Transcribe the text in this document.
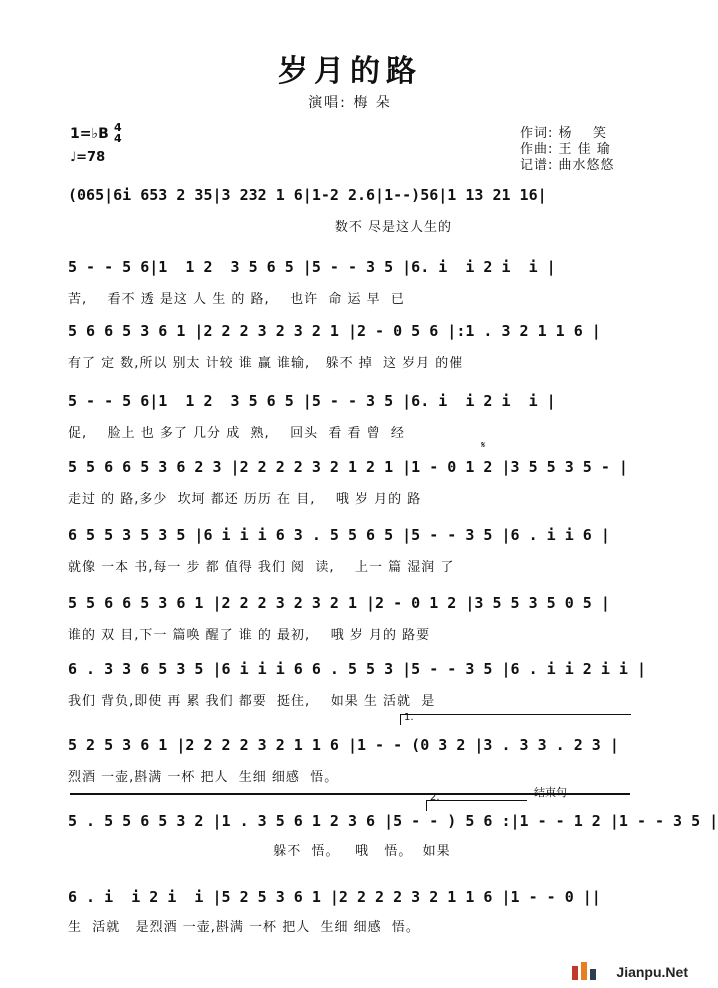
岁月的路
演唱: 梅 朵
1=♭B 4
4
♩=78
作词: 杨    笑
作曲: 王 佳 瑜
记谱: 曲水悠悠
(065|6i 653 2 35|3 232 1 6|1-2 2.6|1--)56|1 13 21 16|
数不 尽是这人生的
5 - - 5 6|1  1 2  3 5 6 5 |5 - - 3 5 |6. i  i 2 i  i |
苦,    看不 透 是这 人 生 的 路,    也许  命 运 早  已
5 6 6 5 3 6 1 |2 2 2 3 2 3 2 1 |2 - 0 5 6 |:1 . 3 2 1 1 6 |
有了 定 数,所以 别太 计较 谁 赢 谁输,   躲不 掉  这 岁月 的催
5 - - 5 6|1  1 2  3 5 6 5 |5 - - 3 5 |6. i  i 2 i  i |
促,    脸上 也 多了 几分 成  熟,    回头  看 看 曾  经
𝄋
5 5 6 6 5 3 6 2 3 |2 2 2 2 3 2 1 2 1 |1 - 0 1 2 |3 5 5 3 5 - |
走过 的 路,多少  坎坷 都还 历历 在 目,    哦 岁 月的 路
6 5 5 3 5 3 5 |6 i i i 6 3 . 5 5 6 5 |5 - - 3 5 |6 . i i 6 |
就像 一本 书,每一 步 都 值得 我们 阅  读,    上一 篇 湿润 了
5 5 6 6 5 3 6 1 |2 2 2 3 2 3 2 1 |2 - 0 1 2 |3 5 5 3 5 0 5 |
谁的 双 目,下一 篇唤 醒了 谁 的 最初,    哦 岁 月的 路要
6 . 3 3 6 5 3 5 |6 i i i 6 6 . 5 5 3 |5 - - 3 5 |6 . i i 2 i i |
我们 背负,即使 再 累 我们 都要  挺住,    如果 生 活就  是
1.
5 2 5 3 6 1 |2 2 2 2 3 2 1 1 6 |1 - - (0 3 2 |3 . 3 3 . 2 3 |
烈酒 一壶,斟满 一杯 把人  生细 细感  悟。
2.	结束句
5 . 5 5 6 5 3 2 |1 . 3 5 6 1 2 3 6 |5 - - ) 5 6 :|1 - - 1 2 |1 - - 3 5 |
躲不  悟。   哦   悟。  如果
6 . i  i 2 i  i |5 2 5 3 6 1 |2 2 2 2 3 2 1 1 6 |1 - - 0 ||
生  活就   是烈酒 一壶,斟满 一杯 把人  生细 细感  悟。
Jianpu.Net
